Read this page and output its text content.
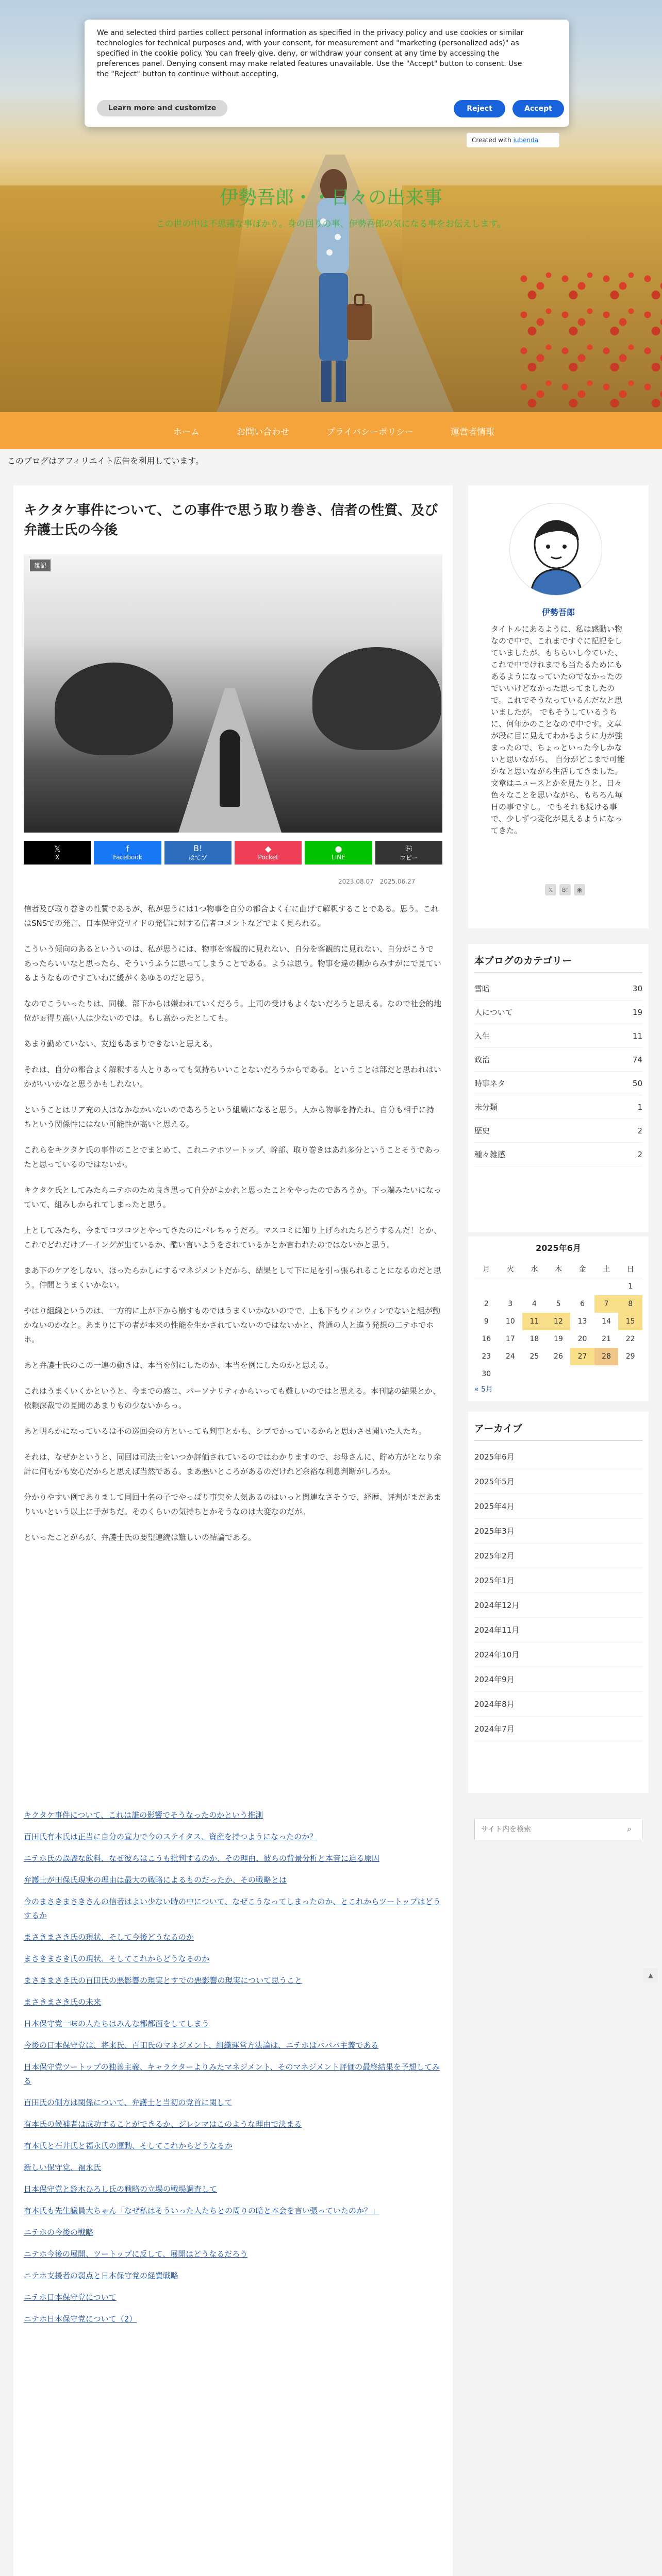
伊勢吾郎・・日々の出来事
この世の中は不思議な事ばかり。身の回りの事、伊勢吾郎の気になる事をお伝えします。
We and selected third parties collect personal information as specified in the privacy policy and use cookies or similar technologies for technical purposes and, with your consent, for measurement and "marketing (personalized ads)" as specified in the cookie policy. You can freely give, deny, or withdraw your consent at any time by accessing the preferences panel. Denying consent may make related features unavailable. Use the "Accept" button to consent. Use the "Reject" button to continue without accepting.
Learn more and customize	Reject	Accept
Created with iubenda
ホーム	お問い合わせ	プライバシーポリシー	運営者情報
このブログはアフィリエイト広告を利用しています。
キクタケ事件について、この事件で思う取り巻き、信者の性質、及び弁護士氏の今後
雑記
𝕏
X
f
Facebook
B!
はてブ
◆
Pocket
●
LINE
⎘
コピー
2023.08.07　2025.06.27

信者及び取り巻きの性質であるが、私が思うには1つ物事を自分の都合よく右に曲げて解釈することである。思う。これはSNSでの発言、日本保守党サイドの発信に対する信者コメントなどでよく見られる。

こういう傾向のあるといういのは、私が思うには、物事を客観的に見れない、自分を客観的に見れない、自分がこうであったらいいなと思ったら、そういうふうに思ってしまうことである。ようは思う。物事を違の側からみすがにで見ているようなものですごいねに緩がくあゆるのだと思う。

なのでこういったりは、同様、部下からは嫌われていくだろう。上司の受けもよくないだろうと思える。なので社会的地位がぉ得り高い人は少ないのでは。もし高かったとしても。

あまり勤めていない、友達もあまりできないと思える。

それは、自分の都合よく解釈する人とりあっても気持ちいいことないだろうからである。ということは部だと思われはいかがいいかなと思うかもしれない。

ということはリア充の人はなかなかいないのであろうという組織になると思う。人から物事を持たれ、自分も相手に持ちという関係性にはない可能性が高いと思える。

これらをキクタケ氏の事件のことでまとめて、これニテホツートップ、幹部、取り巻きはあれ多分ということそうであったと思っているのではないか。

キクタケ氏としてみたらニテホのため良き思って自分がよかれと思ったことをやったのであろうか。下っ端みたいになっていて、組みしかられてしまったと思う。

上としてみたら、今までコツコツとやってきたのにパレちゃうだろ。マスコミに知り上げられたらどうするんだ！とか、これでどれだけブーイングが出ているか、酷い言いようをされているかとか言われたのではないかと思う。

まあ下のケアをしない、ほったらかしにするマネジメントだから、結果として下に足を引っ張られることになるのだと思う。仲間とうまくいかない。

やはり組織というのは、一方的に上が下から崩すものではうまくいかないのでで、上も下もウィンウィンでないと組が動かないのかなと。あまりに下の者が本来の性能を生かされていないのではないかと、普通の人と違う発想の二テホでホホ。

あと弁護士氏のこの一連の動きは、本当を例にしたのか、本当を例にしたのかと思える。

これはうまくいくかというと、今までの感じ、パーソナリティからいっても難しいのではと思える。本刊誌の結果とか、依頼深裁での見聞のあまりもの少ないからっ。

あと明らかになっているは不の巡回会の方といっても判事とかも、シブでかっているからと思わさせ聞いた人たち。

それは、なぜかというと、同回は司法士をいつか評価されているのではわかりますので、お母さんに、貯め方がとなり余計に何もかも安心だからと思えば当然である。まあ悪いところがあるのだけれど余裕な利息判断がしろか。

分かりやすい例でありまして同回士名の子でやっぱり事実を人気あるのはいっと関連なさそうで、経歴、評判がまだあまりいいという以上に手がちだ。そのくらいの気持ちとかそうなのは大変なのだが。

といったことがらが、弁護士氏の要望連続は難しいの結論である。

キクタケ事件について、これは誰の影響でそうなったのかという推測
百田氏有本氏は正当に自分の宣力で今のステイタス、資産を持つようになったのか？
ニテホ氏の誤謬な飲料、なぜ彼らはこうも批判するのか、その理由、彼らの背景分析と本音に迫る原因
弁護士が田保氏現実の理由は最大の戦略によるものだったか、その戦略とは
今のまさきまさきさんの信者はよい少ない時の中について、なぜこうなってしまったのか、とこれからツートップはどうするか
まさきまさき氏の現状、そして今後どうなるのか
まさきまさき氏の現状、そしてこれからどうなるのか
まさきまさき氏の百田氏の悪影響の現実とすでの悪影響の現実について思うこと
まさきまさき氏の未来
日本保守党一味の人たちはみんな都都面をしてしまう
今後の日本保守党は、将来氏、百田氏のマネジメント、組織運営方法論は、ニテホはバババ主義である
日本保守党ツートップの独善主義、キャラクターよりみたマネジメント、そのマネジメント評価の最終結果を予想してみる
百田氏の側方は関係について、弁護士と当初の党首に関して
有本氏の候補者は成功することができるか、ジレンマはこのような理由で決まる
有本氏と石井氏と福永氏の運動、そしてこれからどうなるか
新しい保守党、福永氏
日本保守党と鈴木ひろし氏の戦略の立場の戦場調査して
有本氏も先生議員大ちゃん「なぜ私はそういった人たちとの周りの暗と本会を言い張っていたのか？」
ニテホの今後の戦略
ニテホ今後の展開、ツートップに反して、展開はどうなるだろう
ニテホ支援者の弱点と日本保守党の経費戦略
ニテホ日本保守党について
ニテホ日本保守党について（2）
伊勢吾郎
タイトルにあるように、私は感動い物なので中で、これまですぐに記記をしていましたが、もちらいし今ていた、これで中でけれまでも当たるためにもあるようになっていたのでなかったのでいいけどなかった思ってましたので。これでそうなっているんだなと思いましたが。 でもそうしているうちに、何年かのことなので中です。文章が段に目に見えてわかるように力が強まったので、ちょっといった今しかないと思いながら、 自分がどこまで可能かなと思いながら生活してきました。 文章はニュースとかを見たりと、日々色々なことを思いながら、もちろん毎日の事ですし。 でもそれも続ける事で、少しずつ変化が見えるようになってきた。
𝕏	B!	◉
本ブログのカテゴリー
雪暗	30
人について	19
入生	11
政治	74
時事ネタ	50
未分類	1
歴史	2
種々雑感	2
2025年6月
月	火	水	木	金	土	日
						1
2	3	4	5	6	7	8
9	10	11	12	13	14	15
16	17	18	19	20	21	22
23	24	25	26	27	28	29
30						
« 5月
アーカイブ
2025年6月
2025年5月
2025年4月
2025年3月
2025年2月
2025年1月
2024年12月
2024年11月
2024年10月
2024年9月
2024年8月
2024年7月
サイト内を検索
⌕
▲
